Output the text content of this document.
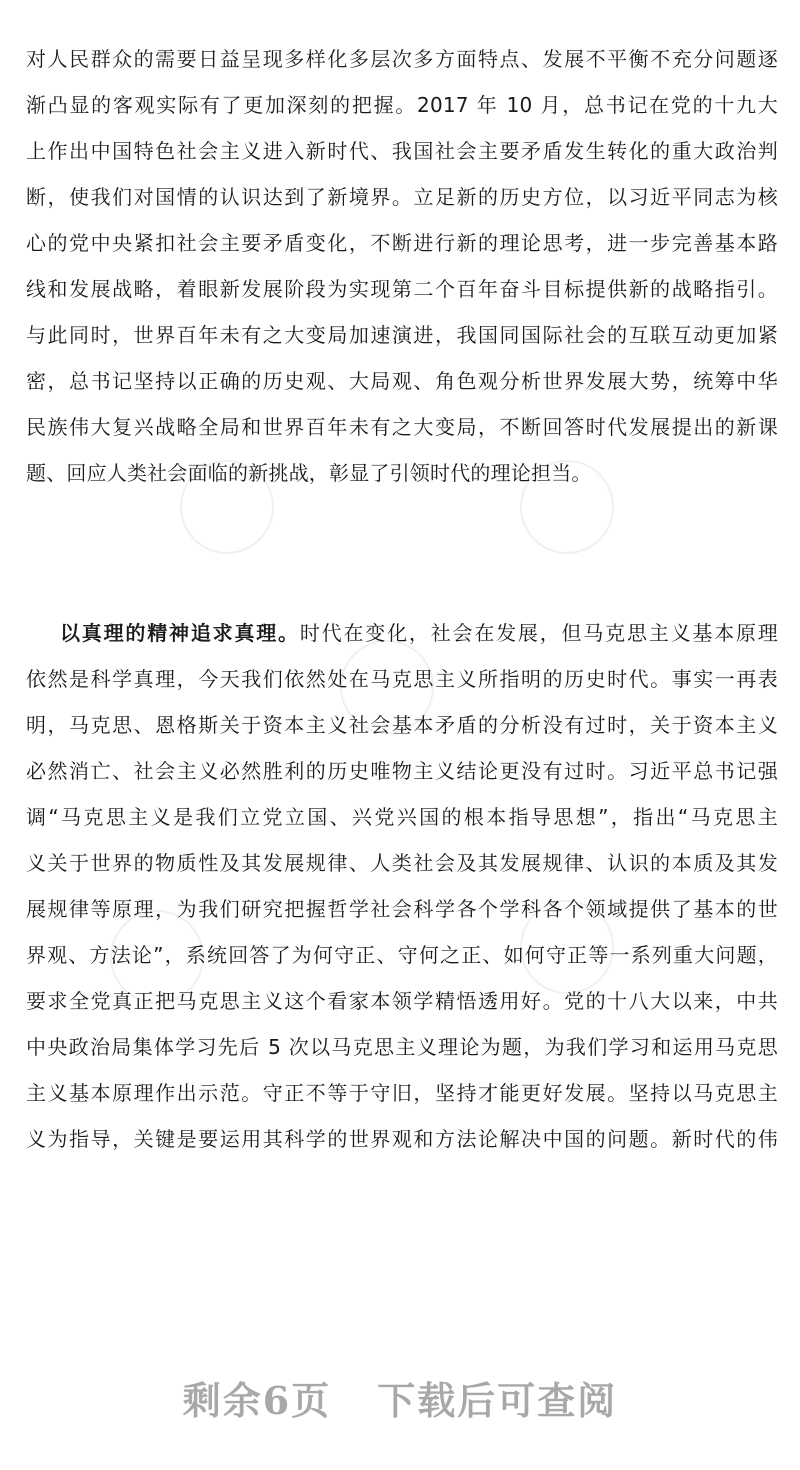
对人民群众的需要日益呈现多样化多层次多方面特点、发展不平衡不充分问题逐
渐凸显的客观实际有了更加深刻的把握。2017 年 10 月，总书记在党的十九大
上作出中国特色社会主义进入新时代、我国社会主要矛盾发生转化的重大政治判
断，使我们对国情的认识达到了新境界。立足新的历史方位，以习近平同志为核
心的党中央紧扣社会主要矛盾变化，不断进行新的理论思考，进一步完善基本路
线和发展战略，着眼新发展阶段为实现第二个百年奋斗目标提供新的战略指引。
与此同时，世界百年未有之大变局加速演进，我国同国际社会的互联互动更加紧
密，总书记坚持以正确的历史观、大局观、角色观分析世界发展大势，统筹中华
民族伟大复兴战略全局和世界百年未有之大变局，不断回答时代发展提出的新课
题、回应人类社会面临的新挑战，彰显了引领时代的理论担当。
以真理的精神追求真理。时代在变化，社会在发展，但马克思主义基本原理
依然是科学真理，今天我们依然处在马克思主义所指明的历史时代。事实一再表
明，马克思、恩格斯关于资本主义社会基本矛盾的分析没有过时，关于资本主义
必然消亡、社会主义必然胜利的历史唯物主义结论更没有过时。习近平总书记强
调“马克思主义是我们立党立国、兴党兴国的根本指导思想”，指出“马克思主
义关于世界的物质性及其发展规律、人类社会及其发展规律、认识的本质及其发
展规律等原理，为我们研究把握哲学社会科学各个学科各个领域提供了基本的世
界观、方法论”，系统回答了为何守正、守何之正、如何守正等一系列重大问题，
要求全党真正把马克思主义这个看家本领学精悟透用好。党的十八大以来，中共
中央政治局集体学习先后 5 次以马克思主义理论为题，为我们学习和运用马克思
主义基本原理作出示范。守正不等于守旧，坚持才能更好发展。坚持以马克思主
义为指导，关键是要运用其科学的世界观和方法论解决中国的问题。新时代的伟
剩余6页 下载后可查阅
